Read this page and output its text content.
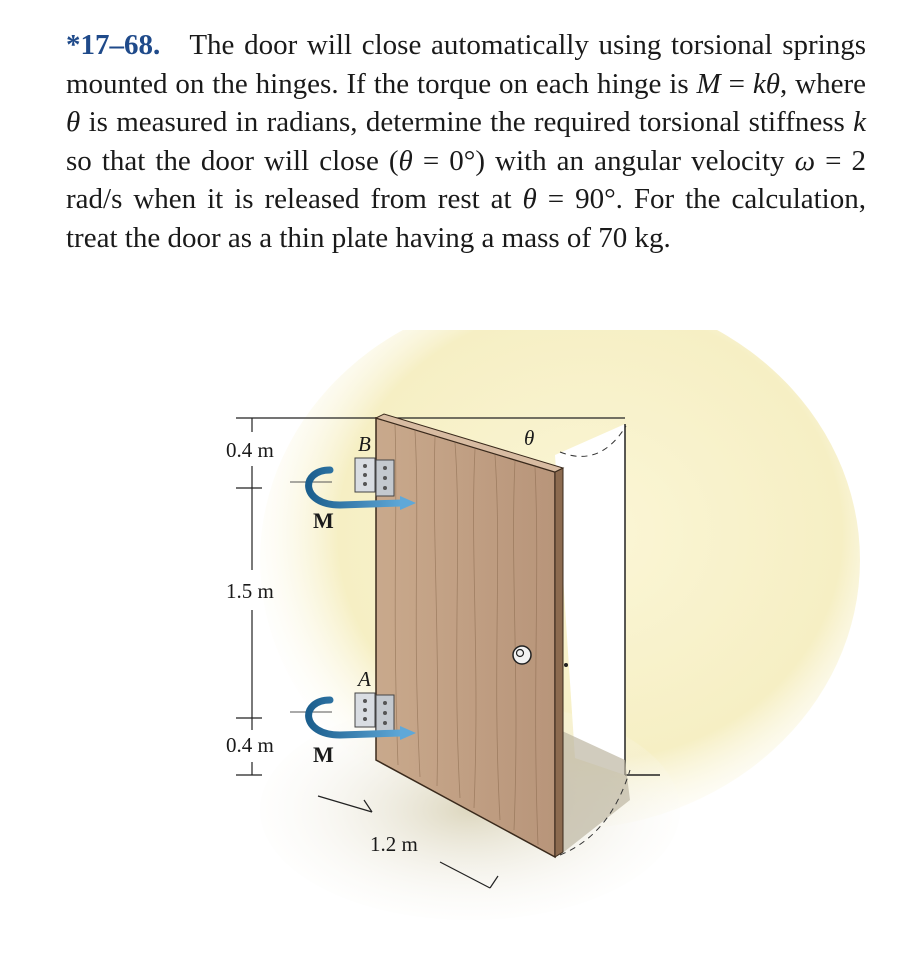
*17–68. The door will close automatically using torsional springs mounted on the hinges. If the torque on each hinge is M = kθ, where θ is measured in radians, determine the required torsional stiffness k so that the door will close (θ = 0°) with an angular velocity ω = 2 rad/s when it is released from rest at θ = 90°. For the calculation, treat the door as a thin plate having a mass of 70 kg.

0.4 m
1.5 m
0.4 m
1.2 m
M
M
B
A
θ
